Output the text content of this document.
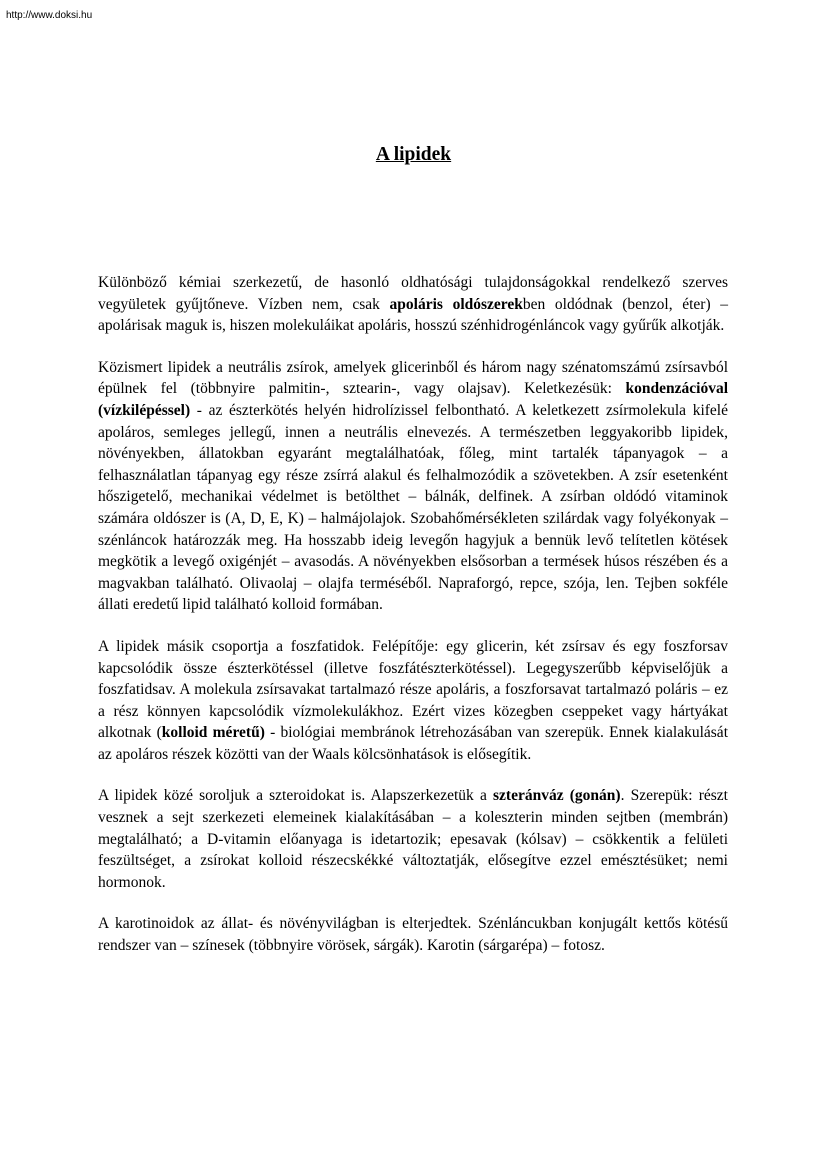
http://www.doksi.hu
A lipidek

Különböző kémiai szerkezetű, de hasonló oldhatósági tulajdonságokkal rendelkező szerves vegyületek gyűjtőneve. Vízben nem, csak apoláris oldószerekben oldódnak (benzol, éter) – apolárisak maguk is, hiszen molekuláikat apoláris, hosszú szénhidrogénláncok vagy gyűrűk alkotják.

Közismert lipidek a neutrális zsírok, amelyek glicerinből és három nagy szénatomszámú zsírsavból épülnek fel (többnyire palmitin-, sztearin-, vagy olajsav). Keletkezésük: kondenzációval (vízkilépéssel) - az észterkötés helyén hidrolízissel felbontható. A keletkezett zsírmolekula kifelé apoláros, semleges jellegű, innen a neutrális elnevezés. A természetben leggyakoribb lipidek, növényekben, állatokban egyaránt megtalálhatóak, főleg, mint tartalék tápanyagok – a felhasználatlan tápanyag egy része zsírrá alakul és felhalmozódik a szövetekben. A zsír esetenként hőszigetelő, mechanikai védelmet is betölthet – bálnák, delfinek. A zsírban oldódó vitaminok számára oldószer is (A, D, E, K) – halmájolajok. Szobahőmérsékleten szilárdak vagy folyékonyak – szénláncok határozzák meg. Ha hosszabb ideig levegőn hagyjuk a bennük levő telítetlen kötések megkötik a levegő oxigénjét – avasodás. A növényekben elsősorban a termések húsos részében és a magvakban található. Olivaolaj – olajfa terméséből. Napraforgó, repce, szója, len. Tejben sokféle állati eredetű lipid található kolloid formában.

A lipidek másik csoportja a foszfatidok. Felépítője: egy glicerin, két zsírsav és egy foszforsav kapcsolódik össze észterkötéssel (illetve foszfátészterkötéssel). Legegyszerűbb képviselőjük a foszfatidsav. A molekula zsírsavakat tartalmazó része apoláris, a foszforsavat tartalmazó poláris – ez a rész könnyen kapcsolódik vízmolekulákhoz. Ezért vizes közegben cseppeket vagy hártyákat alkotnak (kolloid méretű) - biológiai membránok létrehozásában van szerepük. Ennek kialakulását az apoláros részek közötti van der Waals kölcsönhatások is elősegítik.

A lipidek közé soroljuk a szteroidokat is. Alapszerkezetük a szteránváz (gonán). Szerepük: részt vesznek a sejt szerkezeti elemeinek kialakításában – a koleszterin minden sejtben (membrán) megtalálható; a D-vitamin előanyaga is idetartozik; epesavak (kólsav) – csökkentik a felületi feszültséget, a zsírokat kolloid részecskékké változtatják, elősegítve ezzel emésztésüket; nemi hormonok.

A karotinoidok az állat- és növényvilágban is elterjedtek. Szénláncukban konjugált kettős kötésű rendszer van – színesek (többnyire vörösek, sárgák). Karotin (sárgarépa) – fotosz.
